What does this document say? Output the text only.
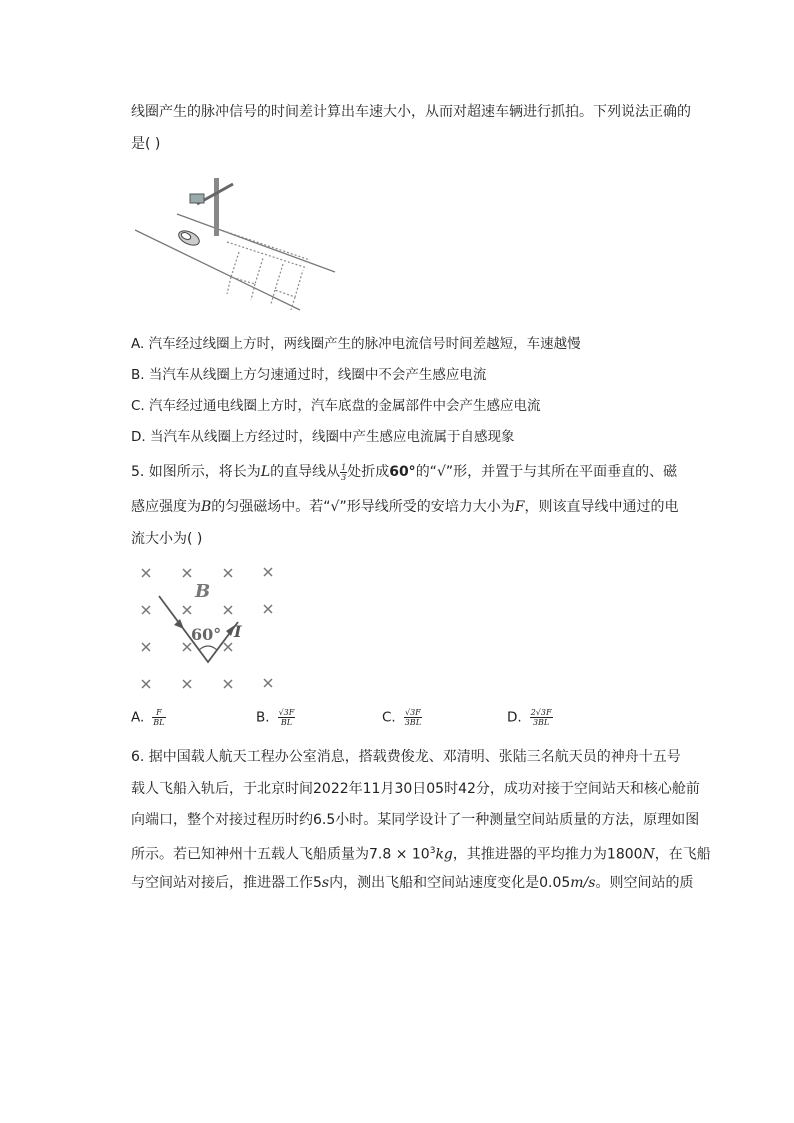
线圈产生的脉冲信号的时间差计算出车速大小，从而对超速车辆进行抓拍。下列说法正确的
是( )
A. 汽车经过线圈上方时，两线圈产生的脉冲电流信号时间差越短，车速越慢
B. 当汽车从线圈上方匀速通过时，线圈中不会产生感应电流
C. 汽车经过通电线圈上方时，汽车底盘的金属部件中会产生感应电流
D. 当汽车从线圈上方经过时，线圈中产生感应电流属于自感现象
5. 如图所示，将长为L的直导线从 $\frac{1}{3}$ 处折成60°的“√”形，并置于与其所在平面垂直的、磁
感应强度为B的匀强磁场中。若“√”形导线所受的安培力大小为F，则该直导线中通过的电
流大小为( )
B
I
60°
A. $\frac{F}{BL}$	B. $\frac{√3F}{BL}$	C. $\frac{√3F}{3BL}$	D. $\frac{2√3F}{3BL}$
6. 据中国载人航天工程办公室消息，搭载费俊龙、邓清明、张陆三名航天员的神舟十五号
载人飞船入轨后，于北京时间2022年11月30日05时42分，成功对接于空间站天和核心舱前
向端口，整个对接过程历时约6.5小时。某同学设计了一种测量空间站质量的方法，原理如图
所示。若已知神州十五载人飞船质量为$7.8 \times 10^3kg$，其推进器的平均推力为1800N，在飞船
与空间站对接后，推进器工作5s内，测出飞船和空间站速度变化是0.05m/s。则空间站的质
